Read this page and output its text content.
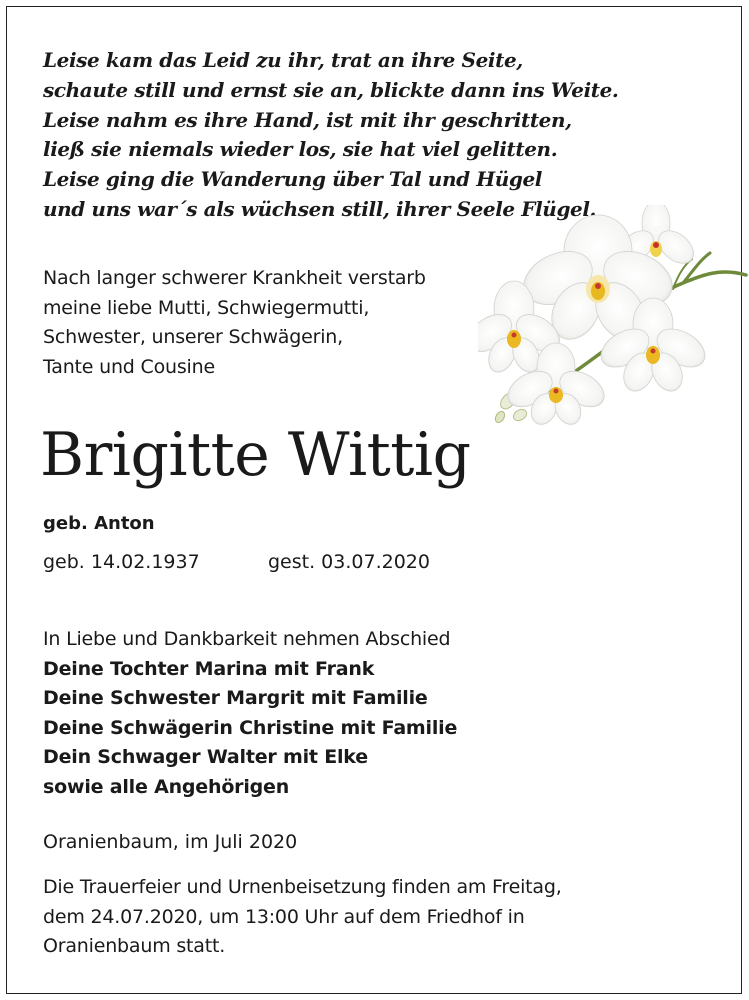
Leise kam das Leid zu ihr, trat an ihre Seite,
schaute still und ernst sie an, blickte dann ins Weite.
Leise nahm es ihre Hand, ist mit ihr geschritten,
ließ sie niemals wieder los, sie hat viel gelitten.
Leise ging die Wanderung über Tal und Hügel
und uns war´s als wüchsen still, ihrer Seele Flügel.
Nach langer schwerer Krankheit verstarb
meine liebe Mutti, Schwiegermutti,
Schwester, unserer Schwägerin,
Tante und Cousine
Brigitte Wittig
geb. Anton
geb. 14.02.1937	gest. 03.07.2020
In Liebe und Dankbarkeit nehmen Abschied
Deine Tochter Marina mit Frank
Deine Schwester Margrit mit Familie
Deine Schwägerin Christine mit Familie
Dein Schwager Walter mit Elke
sowie alle Angehörigen
Oranienbaum, im Juli 2020
Die Trauerfeier und Urnenbeisetzung finden am Freitag,
dem 24.07.2020, um 13:00 Uhr auf dem Friedhof in
Oranienbaum statt.
